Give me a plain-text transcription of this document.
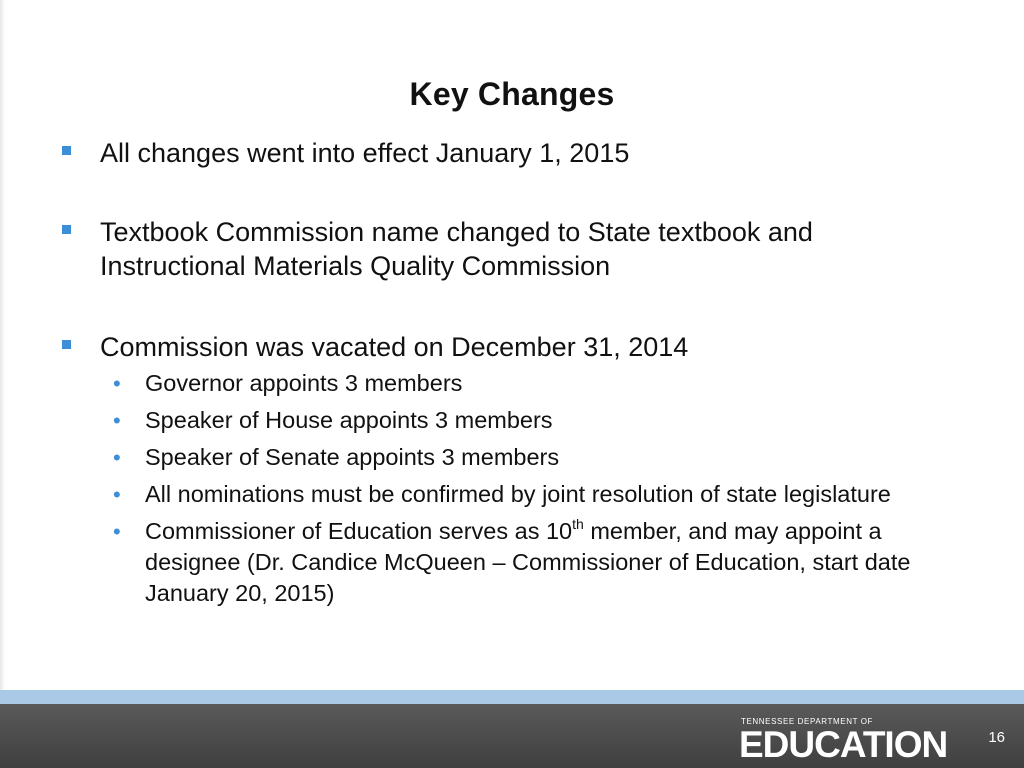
Key Changes
All changes went into effect January 1, 2015
Textbook Commission name changed to State textbook and Instructional Materials Quality Commission
Commission was vacated on December 31, 2014
• Governor appoints 3 members
• Speaker of House appoints 3 members
• Speaker of Senate appoints 3 members
• All nominations must be confirmed by joint resolution of state legislature
• Commissioner of Education serves as 10th member, and may appoint a designee (Dr. Candice McQueen – Commissioner of Education, start date January 20, 2015)
TENNESSEE DEPARTMENT OF
EDUCATION	16
